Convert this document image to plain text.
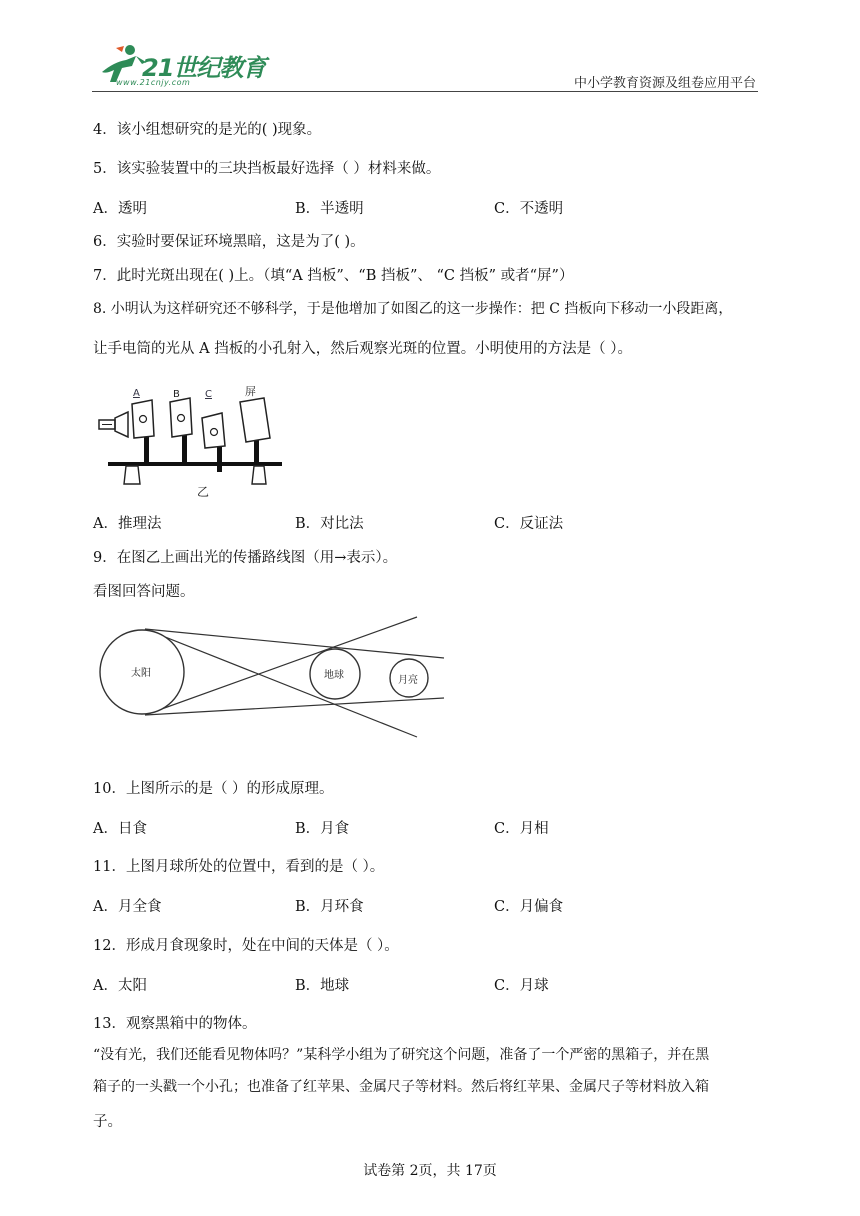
21世纪教育
www.21cnjy.com	中小学教育资源及组卷应用平台
4．该小组想研究的是光的( )现象。
5．该实验装置中的三块挡板最好选择（ ）材料来做。
A．透明	B．半透明	C．不透明
6．实验时要保证环境黑暗，这是为了( )。
7．此时光斑出现在( )上。（填“A 挡板”、“B 挡板”、 “C 挡板” 或者“屏”）
8. 小明认为这样研究还不够科学，于是他增加了如图乙的这一步操作：把 C 挡板向下移动一小段距离，
让手电筒的光从 A 挡板的小孔射入，然后观察光斑的位置。小明使用的方法是（ ）。
A	B	C	屏
乙
A．推理法	B．对比法	C．反证法
9．在图乙上画出光的传播路线图（用→表示）。
看图回答问题。
太阳	地球	月亮
10．上图所示的是（ ）的形成原理。
A．日食	B．月食	C．月相
11．上图月球所处的位置中，看到的是（ ）。
A．月全食	B．月环食	C．月偏食
12．形成月食现象时，处在中间的天体是（ ）。
A．太阳	B．地球	C．月球
13．观察黑箱中的物体。
“没有光，我们还能看见物体吗？”某科学小组为了研究这个问题，准备了一个严密的黑箱子，并在黑
箱子的一头戳一个小孔；也准备了红苹果、金属尺子等材料。然后将红苹果、金属尺子等材料放入箱
子。
试卷第 2页，共 17页
